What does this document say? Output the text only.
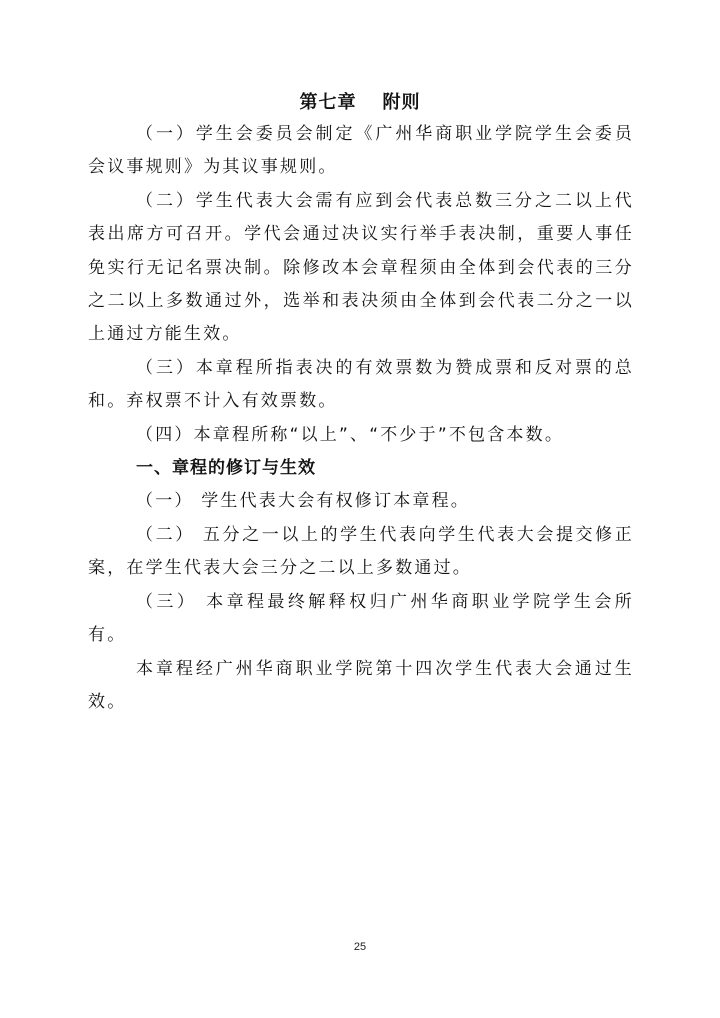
第七章 附则

（一）学生会委员会制定《广州华商职业学院学生会委员会议事规则》为其议事规则。

（二）学生代表大会需有应到会代表总数三分之二以上代表出席方可召开。学代会通过决议实行举手表决制，重要人事任免实行无记名票决制。除修改本会章程须由全体到会代表的三分之二以上多数通过外，选举和表决须由全体到会代表二分之一以上通过方能生效。

（三）本章程所指表决的有效票数为赞成票和反对票的总和。弃权票不计入有效票数。

（四）本章程所称“以上”、“不少于”不包含本数。

一、章程的修订与生效

（一） 学生代表大会有权修订本章程。

（二） 五分之一以上的学生代表向学生代表大会提交修正案，在学生代表大会三分之二以上多数通过。

（三） 本章程最终解释权归广州华商职业学院学生会所有。

本章程经广州华商职业学院第十四次学生代表大会通过生效。

25
